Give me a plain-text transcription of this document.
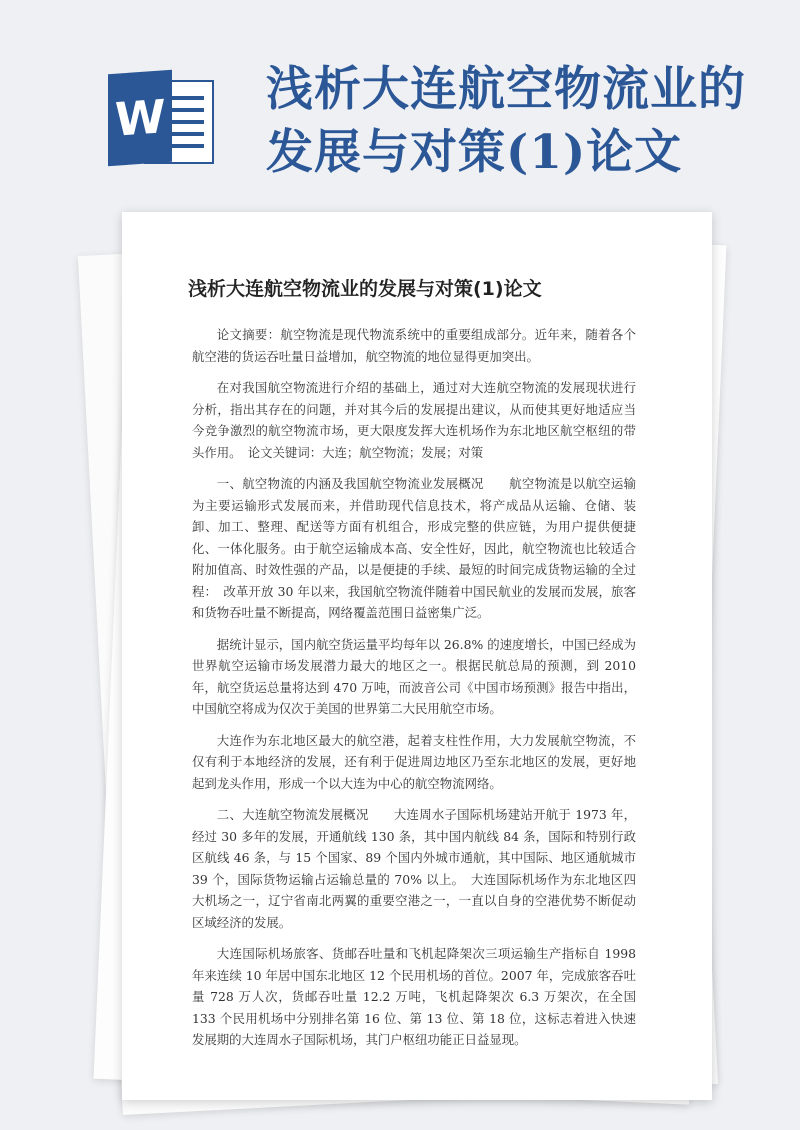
W 浅析大连航空物流业的发展与对策(1)论文
浅析大连航空物流业的发展与对策(1)论文

论文摘要：航空物流是现代物流系统中的重要组成部分。近年来，随着各个航空港的货运吞吐量日益增加，航空物流的地位显得更加突出。

在对我国航空物流进行介绍的基础上，通过对大连航空物流的发展现状进行分析，指出其存在的问题，并对其今后的发展提出建议，从而使其更好地适应当今竞争激烈的航空物流市场，更大限度发挥大连机场作为东北地区航空枢纽的带头作用。　论文关键词：大连；航空物流；发展；对策

一、航空物流的内涵及我国航空物流业发展概况　　航空物流是以航空运输为主要运输形式发展而来，并借助现代信息技术，将产成品从运输、仓储、装卸、加工、整理、配送等方面有机组合，形成完整的供应链，为用户提供便捷化、一体化服务。由于航空运输成本高、安全性好，因此，航空物流也比较适合附加值高、时效性强的产品，以是便捷的手续、最短的时间完成货物运输的全过程：　改革开放 30 年以来，我国航空物流伴随着中国民航业的发展而发展，旅客和货物吞吐量不断提高，网络覆盖范围日益密集广泛。

据统计显示，国内航空货运量平均每年以 26.8% 的速度增长，中国已经成为世界航空运输市场发展潜力最大的地区之一。根据民航总局的预测，到 2010 年，航空货运总量将达到 470 万吨，而波音公司《中国市场预测》报告中指出，中国航空将成为仅次于美国的世界第二大民用航空市场。

大连作为东北地区最大的航空港，起着支柱性作用，大力发展航空物流，不仅有利于本地经济的发展，还有利于促进周边地区乃至东北地区的发展，更好地起到龙头作用，形成一个以大连为中心的航空物流网络。

二、大连航空物流发展概况　　大连周水子国际机场建站开航于 1973 年，经过 30 多年的发展，开通航线 130 条，其中国内航线 84 条，国际和特别行政区航线 46 条，与 15 个国家、89 个国内外城市通航，其中国际、地区通航城市 39 个，国际货物运输占运输总量的 70% 以上。　大连国际机场作为东北地区四大机场之一，辽宁省南北两翼的重要空港之一，一直以自身的空港优势不断促动区域经济的发展。

大连国际机场旅客、货邮吞吐量和飞机起降架次三项运输生产指标自 1998 年来连续 10 年居中国东北地区 12 个民用机场的首位。2007 年，完成旅客吞吐量 728 万人次，货邮吞吐量 12.2 万吨，飞机起降架次 6.3 万架次，在全国 133 个民用机场中分别排名第 16 位、第 13 位、第 18 位，这标志着进入快速发展期的大连周水子国际机场，其门户枢纽功能正日益显现。
